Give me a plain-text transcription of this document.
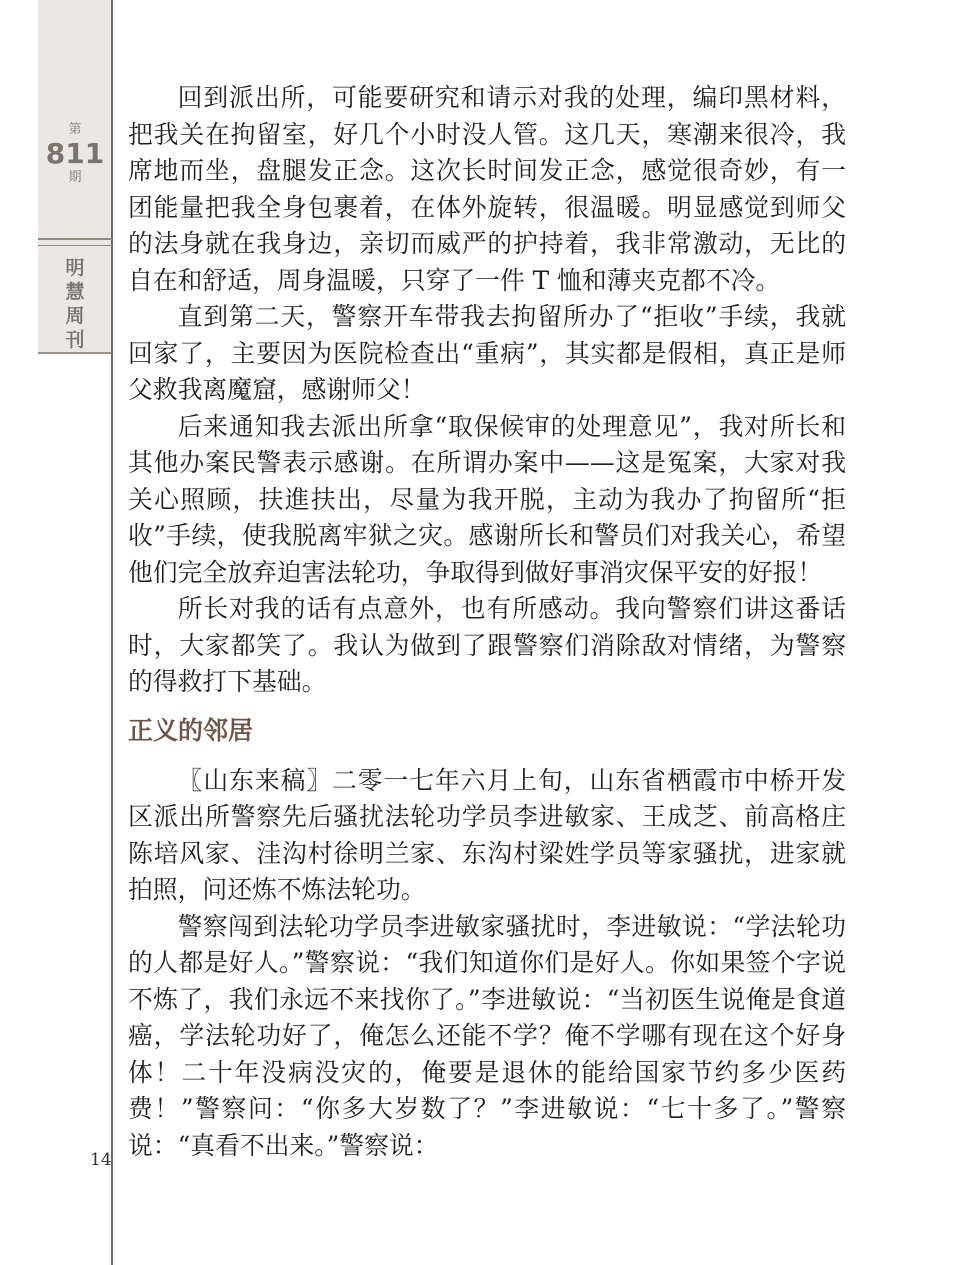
第
811
期
明慧周刊
14

回到派出所，可能要研究和请示对我的处理，编印黑材料，把我关在拘留室，好几个小时没人管。这几天，寒潮来很冷，我席地而坐，盘腿发正念。这次长时间发正念，感觉很奇妙，有一团能量把我全身包裹着，在体外旋转，很温暖。明显感觉到师父的法身就在我身边，亲切而威严的护持着，我非常激动，无比的自在和舒适，周身温暖，只穿了一件 T 恤和薄夹克都不冷。

直到第二天，警察开车带我去拘留所办了“拒收”手续，我就回家了，主要因为医院检查出“重病”，其实都是假相，真正是师父救我离魔窟，感谢师父！

后来通知我去派出所拿“取保候审的处理意见”，我对所长和其他办案民警表示感谢。在所谓办案中——这是冤案，大家对我关心照顾，扶進扶出，尽量为我开脱，主动为我办了拘留所“拒收”手续，使我脱离牢狱之灾。感谢所长和警员们对我关心，希望他们完全放弃迫害法轮功，争取得到做好事消灾保平安的好报！

所长对我的话有点意外，也有所感动。我向警察们讲这番话时，大家都笑了。我认为做到了跟警察们消除敌对情绪，为警察的得救打下基础。

正义的邻居

〖山东来稿〗二零一七年六月上旬，山东省栖霞市中桥开发区派出所警察先后骚扰法轮功学员李进敏家、王成芝、前高格庄陈培风家、洼沟村徐明兰家、东沟村梁姓学员等家骚扰，进家就拍照，问还炼不炼法轮功。

警察闯到法轮功学员李进敏家骚扰时，李进敏说：“学法轮功的人都是好人。”警察说：“我们知道你们是好人。你如果签个字说不炼了，我们永远不来找你了。”李进敏说：“当初医生说俺是食道癌，学法轮功好了，俺怎么还能不学？俺不学哪有现在这个好身体！二十年没病没灾的，俺要是退休的能给国家节约多少医药费！”警察问：“你多大岁数了？”李进敏说：“七十多了。”警察说：“真看不出来。”警察说：
